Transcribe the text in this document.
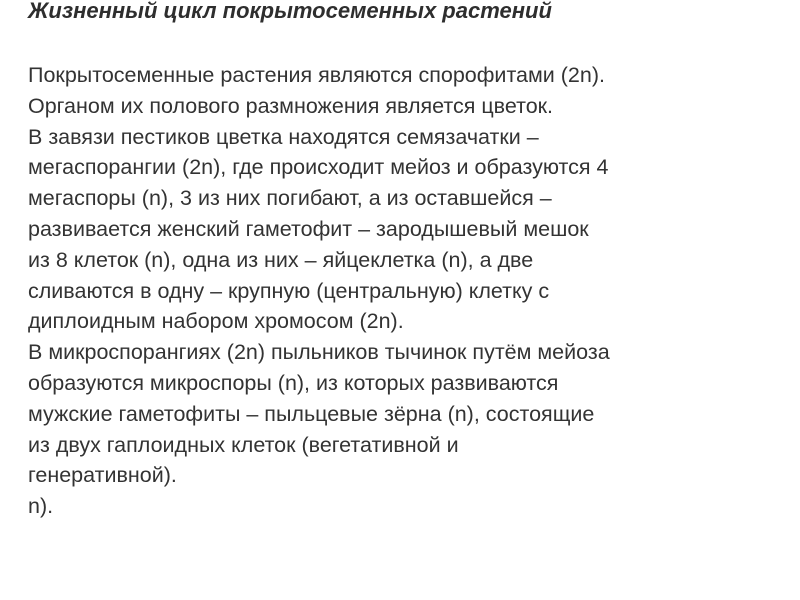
Жизненный цикл покрытосеменных растений
Покрытосеменные растения являются спорофитами (2n).
Органом их полового размножения является цветок.
В завязи пестиков цветка находятся семязачатки –
мегаспорангии (2n), где происходит мейоз и образуются 4
мегаспоры (n), 3 из них погибают, а из оставшейся –
развивается женский гаметофит – зародышевый мешок
из 8 клеток (n), одна из них – яйцеклетка (n), а две
сливаются в одну – крупную (центральную) клетку с
диплоидным набором хромосом (2n).
В микроспорангиях (2n) пыльников тычинок путём мейоза
образуются микроспоры (n), из которых развиваются
мужские гаметофиты – пыльцевые зёрна (n), состоящие
из двух гаплоидных клеток (вегетативной и
генеративной).
n).
